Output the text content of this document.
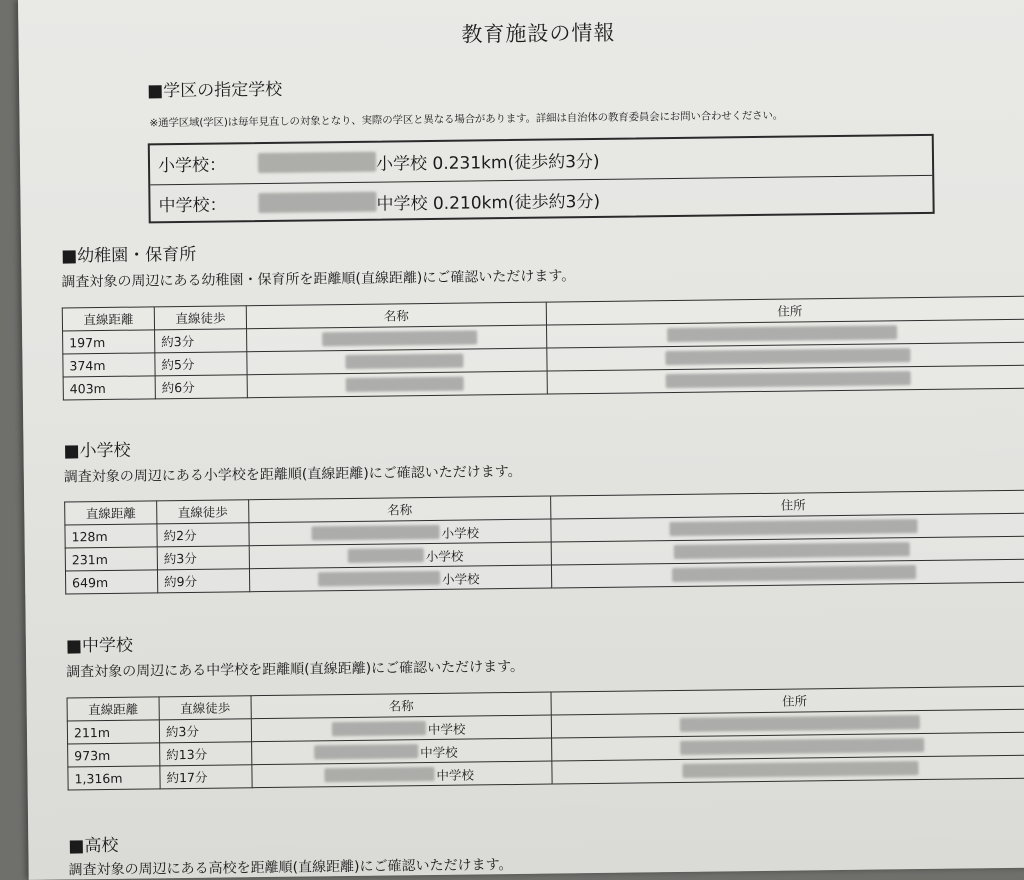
教育施設の情報
■学区の指定学校
※通学区域(学区)は毎年見直しの対象となり、実際の学区と異なる場合があります。詳細は自治体の教育委員会にお問い合わせください。
小学校：	小学校 0.231km(徒歩約3分)
中学校：	中学校 0.210km(徒歩約3分)
■幼稚園・保育所
調査対象の周辺にある幼稚園・保育所を距離順(直線距離)にご確認いただけます。
直線距離	直線徒歩	名称	住所
197m	約3分	

374m	約5分	

403m	約6分	

■小学校
調査対象の周辺にある小学校を距離順(直線距離)にご確認いただけます。
直線距離	直線徒歩	名称	住所
128m	約2分	小学校	

231m	約3分	小学校	

649m	約9分	小学校	

■中学校
調査対象の周辺にある中学校を距離順(直線距離)にご確認いただけます。
直線距離	直線徒歩	名称	住所
211m	約3分	中学校	

973m	約13分	中学校	

1,316m	約17分	中学校	

■高校
調査対象の周辺にある高校を距離順(直線距離)にご確認いただけます。
